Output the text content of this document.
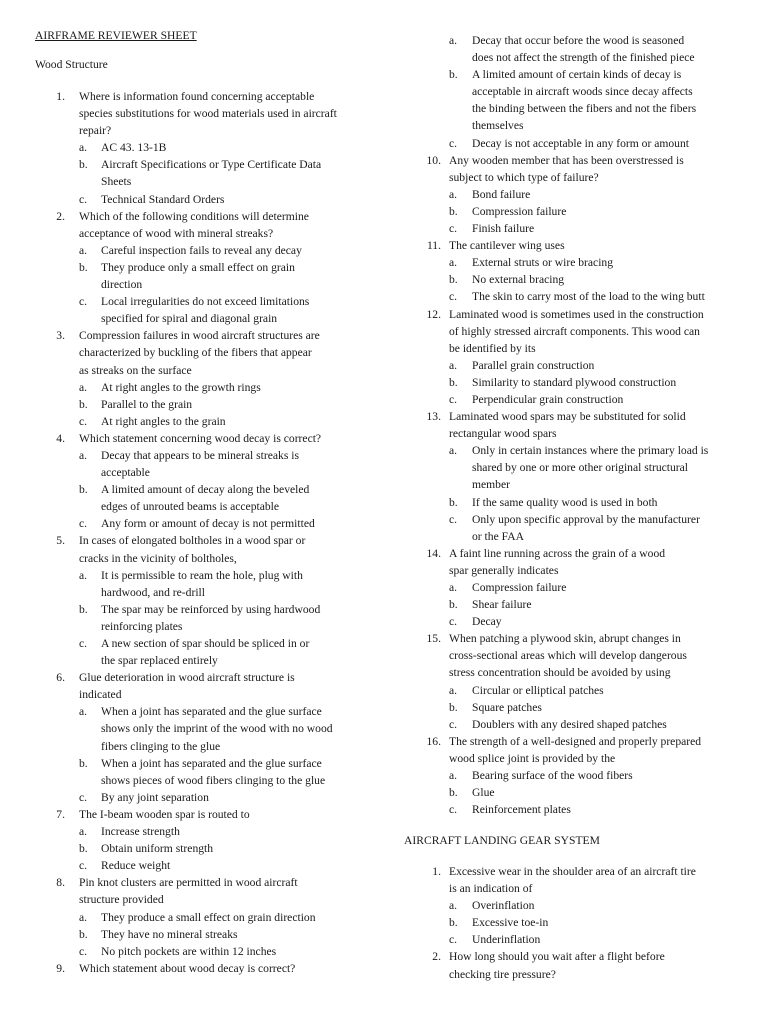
AIRFRAME REVIEWER SHEET
Wood Structure
1. Where is information found concerning acceptable
species substitutions for wood materials used in aircraft
repair?
a. AC 43. 13-1B
b. Aircraft Specifications or Type Certificate Data
Sheets
c. Technical Standard Orders
2. Which of the following conditions will determine
acceptance of wood with mineral streaks?
a. Careful inspection fails to reveal any decay
b. They produce only a small effect on grain
direction
c. Local irregularities do not exceed limitations
specified for spiral and diagonal grain
3. Compression failures in wood aircraft structures are
characterized by buckling of the fibers that appear
as streaks on the surface
a. At right angles to the growth rings
b. Parallel to the grain
c. At right angles to the grain
4. Which statement concerning wood decay is correct?
a. Decay that appears to be mineral streaks is
acceptable
b. A limited amount of decay along the beveled
edges of unrouted beams is acceptable
c. Any form or amount of decay is not permitted
5. In cases of elongated boltholes in a wood spar or
cracks in the vicinity of boltholes,
a. It is permissible to ream the hole, plug with
hardwood, and re-drill
b. The spar may be reinforced by using hardwood
reinforcing plates
c. A new section of spar should be spliced in or
the spar replaced entirely
6. Glue deterioration in wood aircraft structure is
indicated
a. When a joint has separated and the glue surface
shows only the imprint of the wood with no wood
fibers clinging to the glue
b. When a joint has separated and the glue surface
shows pieces of wood fibers clinging to the glue
c. By any joint separation
7. The I-beam wooden spar is routed to
a. Increase strength
b. Obtain uniform strength
c. Reduce weight
8. Pin knot clusters are permitted in wood aircraft
structure provided
a. They produce a small effect on grain direction
b. They have no mineral streaks
c. No pitch pockets are within 12 inches
9. Which statement about wood decay is correct?
a. Decay that occur before the wood is seasoned
does not affect the strength of the finished piece
b. A limited amount of certain kinds of decay is
acceptable in aircraft woods since decay affects
the binding between the fibers and not the fibers
themselves
c. Decay is not acceptable in any form or amount
10. Any wooden member that has been overstressed is
subject to which type of failure?
a. Bond failure
b. Compression failure
c. Finish failure
11. The cantilever wing uses
a. External struts or wire bracing
b. No external bracing
c. The skin to carry most of the load to the wing butt
12. Laminated wood is sometimes used in the construction
of highly stressed aircraft components. This wood can
be identified by its
a. Parallel grain construction
b. Similarity to standard plywood construction
c. Perpendicular grain construction
13. Laminated wood spars may be substituted for solid
rectangular wood spars
a. Only in certain instances where the primary load is
shared by one or more other original structural
member
b. If the same quality wood is used in both
c. Only upon specific approval by the manufacturer
or the FAA
14. A faint line running across the grain of a wood
spar generally indicates
a. Compression failure
b. Shear failure
c. Decay
15. When patching a plywood skin, abrupt changes in
cross-sectional areas which will develop dangerous
stress concentration should be avoided by using
a. Circular or elliptical patches
b. Square patches
c. Doublers with any desired shaped patches
16. The strength of a well-designed and properly prepared
wood splice joint is provided by the
a. Bearing surface of the wood fibers
b. Glue
c. Reinforcement plates
AIRCRAFT LANDING GEAR SYSTEM
1. Excessive wear in the shoulder area of an aircraft tire
is an indication of
a. Overinflation
b. Excessive toe-in
c. Underinflation
2. How long should you wait after a flight before
checking tire pressure?
